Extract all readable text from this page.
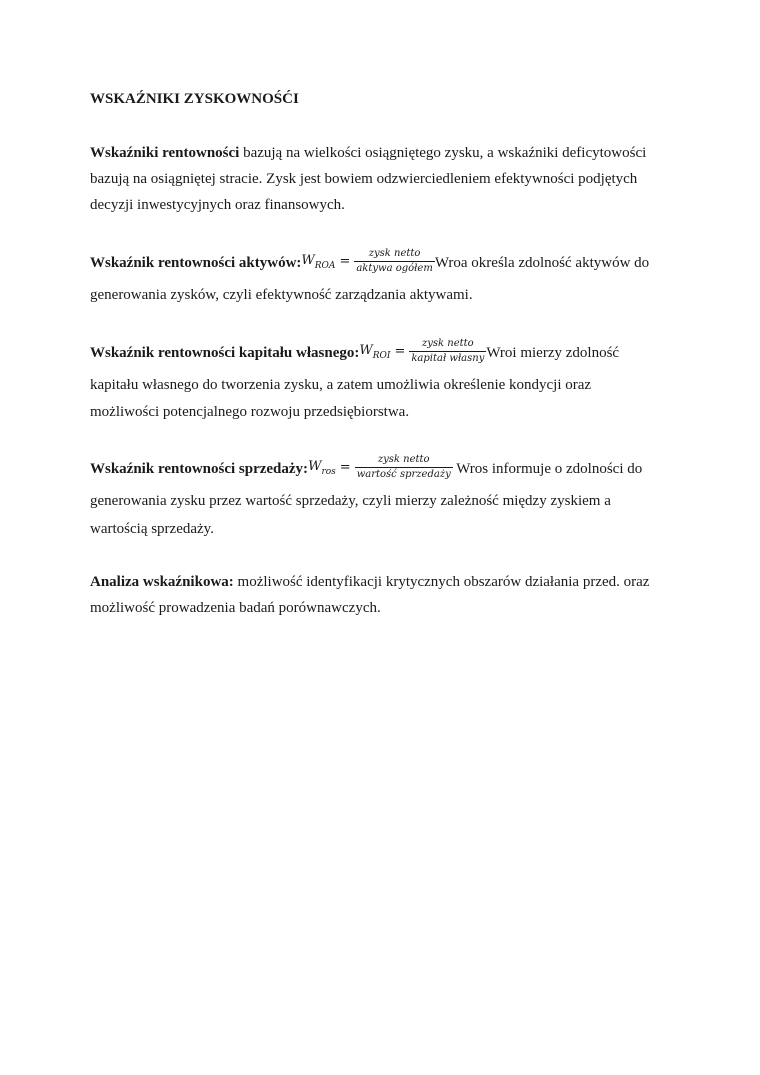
WSKAŹNIKI ZYSKOWNOŚĆI
Wskaźniki rentowności bazują na wielkości osiągniętego zysku, a wskaźniki deficytowości
bazują na osiągniętej stracie. Zysk jest bowiem odzwierciedleniem efektywności podjętych
decyzji inwestycyjnych oraz finansowych.
Wskaźnik rentowności $aktywów:W_{ROA} = \frac{\text{zysk netto}}{\text{aktywa ogółem}}$ Wroa określa zdolność aktywów do
generowania zysków, czyli efektywność zarządzania aktywami.
Wskaźnik rentowności kapitału $własnego:W_{ROI} = \frac{\text{zysk netto}}{\text{kapitał własny}}$ Wroi mierzy zdolność
kapitału własnego do tworzenia zysku, a zatem umożliwia określenie kondycji oraz
możliwości potencjalnego rozwoju przedsiębiorstwa.
Wskaźnik rentowności $sprzedaży:W_{ros} = \frac{\text{zysk netto}}{\text{wartość sprzedaży}}$ Wros informuje o zdolności do
generowania zysku przez wartość sprzedaży, czyli mierzy zależność między zyskiem a
wartością sprzedaży.
Analiza wskaźnikowa: możliwość identyfikacji krytycznych obszarów działania przed. oraz
możliwość prowadzenia badań porównawczych.
